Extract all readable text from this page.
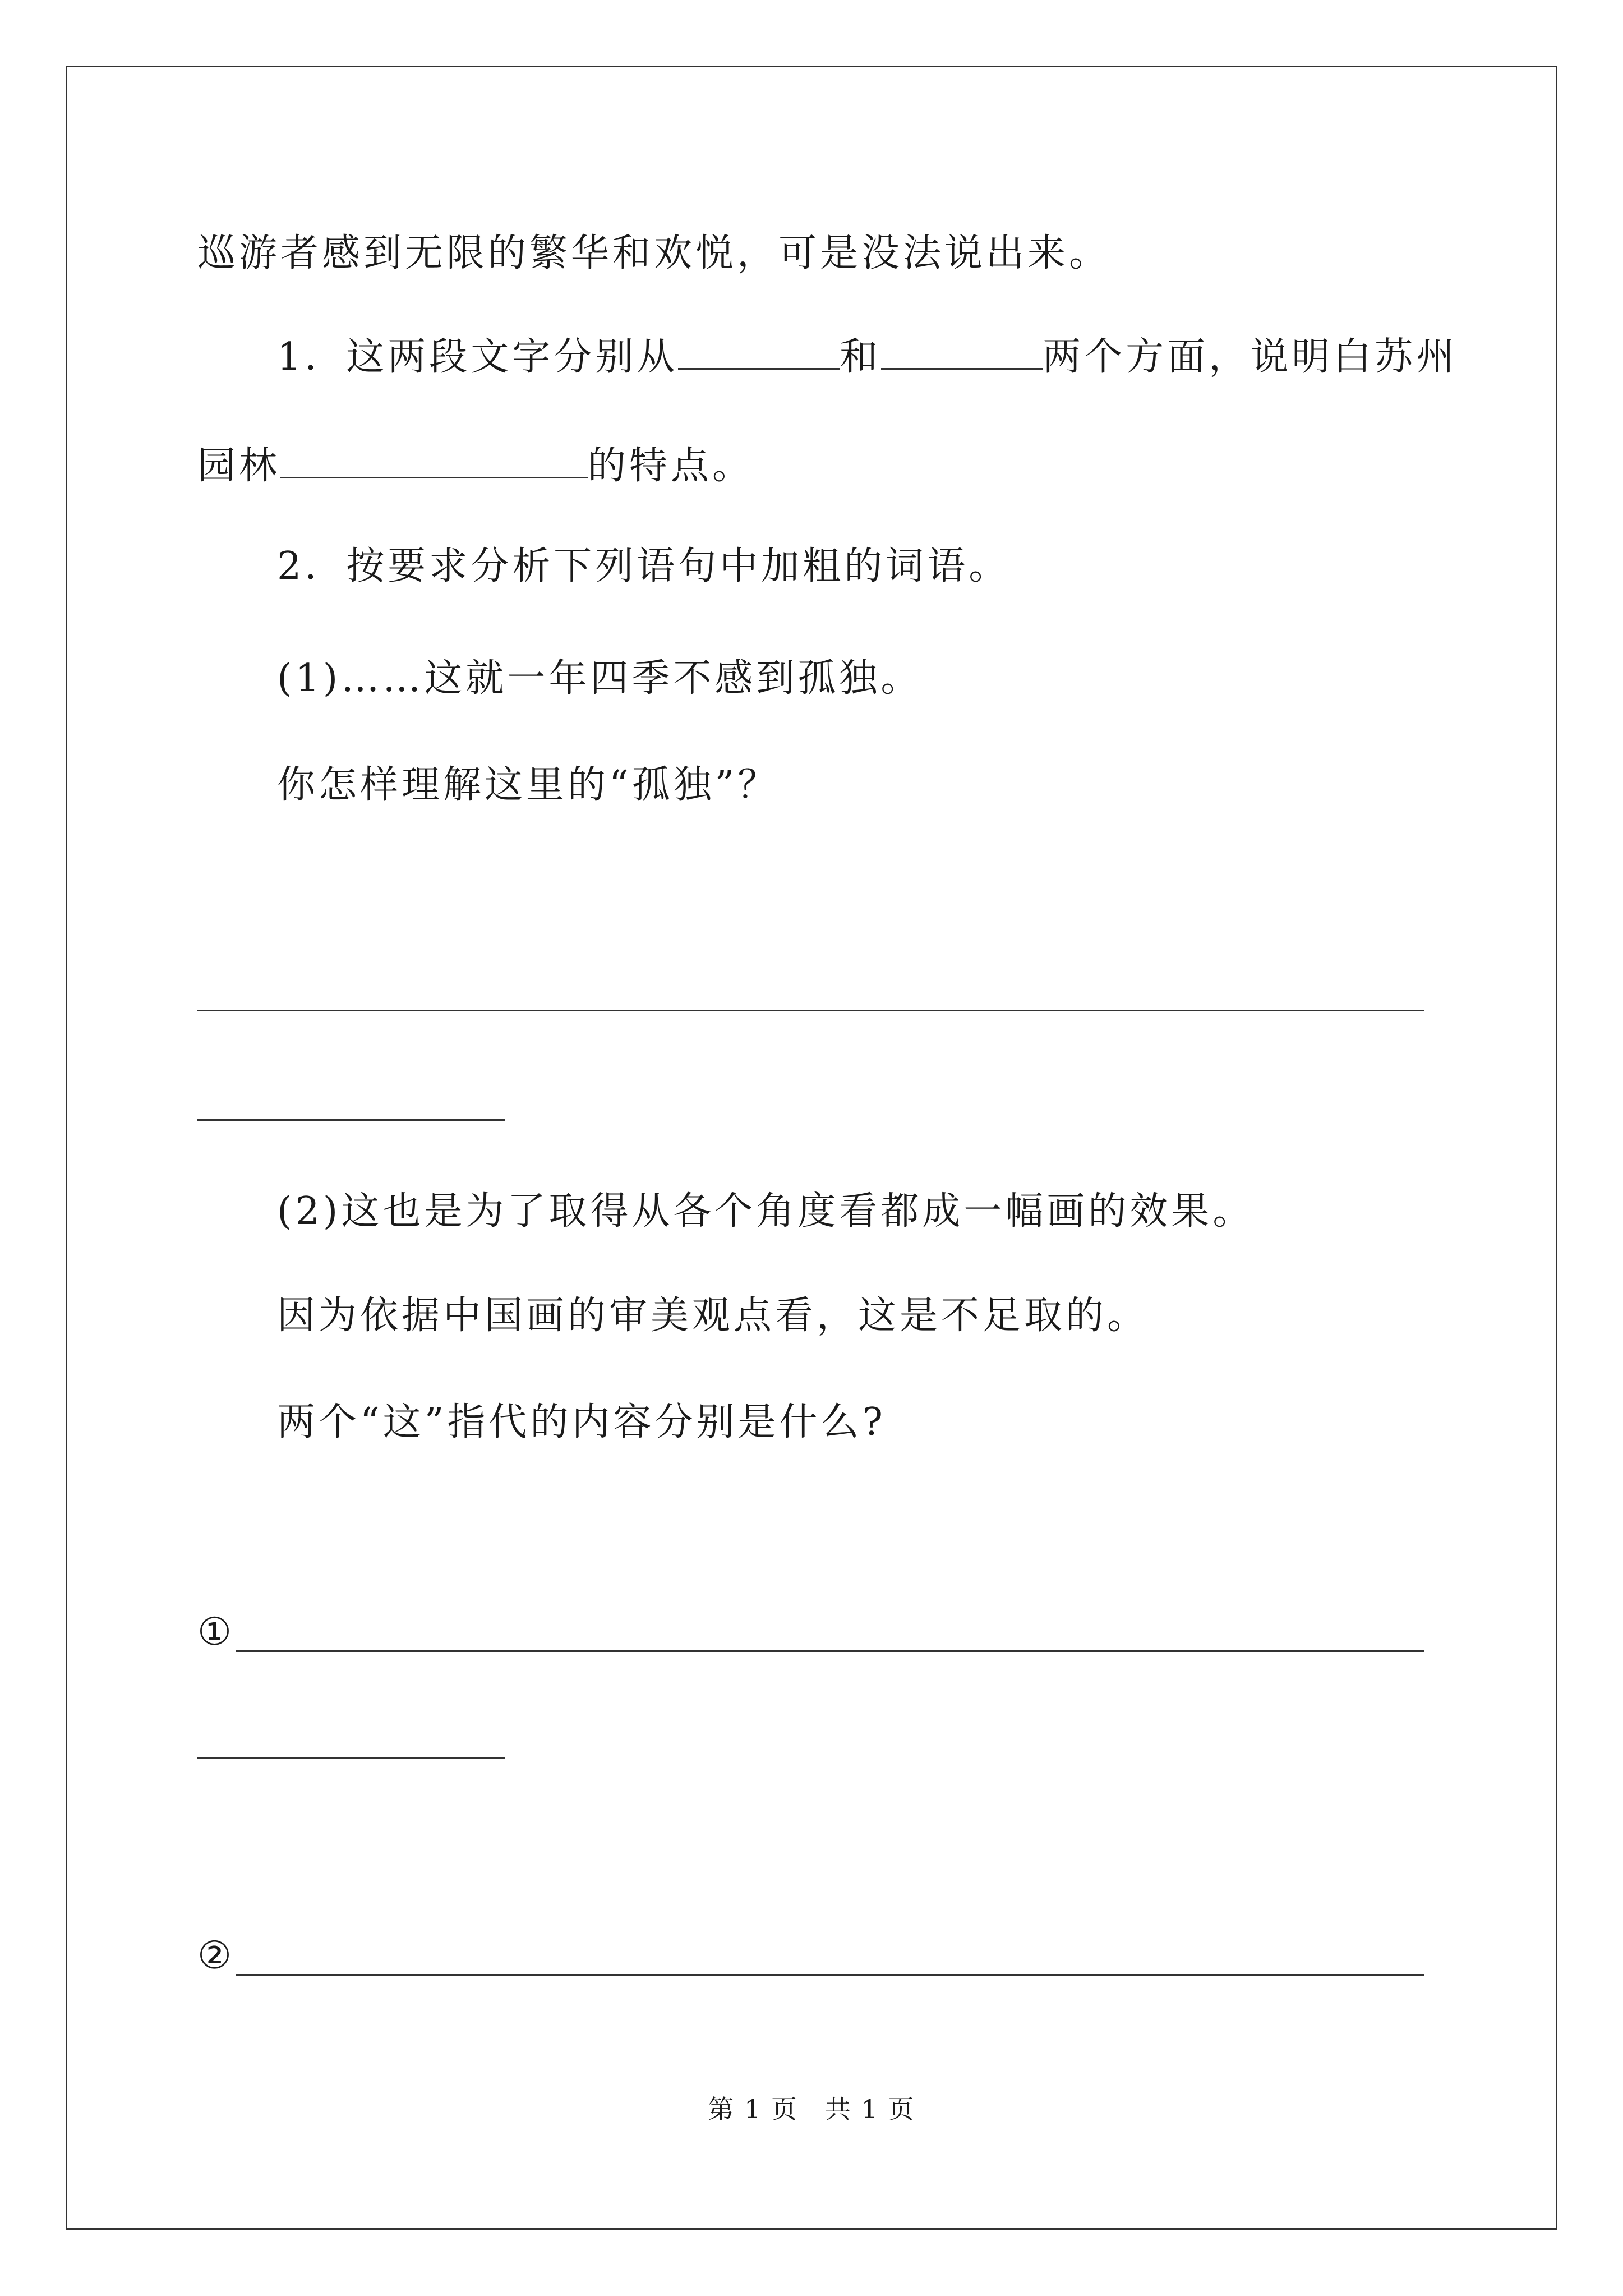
巡游者感到无限的繁华和欢悦，可是没法说出来。
1．这两段文字分别从	和	两个方面，说明白苏州
园林	的特点。
2．按要求分析下列语句中加粗的词语。
(1)……这就一年四季不感到孤独。
你怎样理解这里的“孤独”？
(2)这也是为了取得从各个角度看都成一幅画的效果。
因为依据中国画的审美观点看，这是不足取的。
两个“这”指代的内容分别是什么?
①
②
第 1 页　共 1 页
